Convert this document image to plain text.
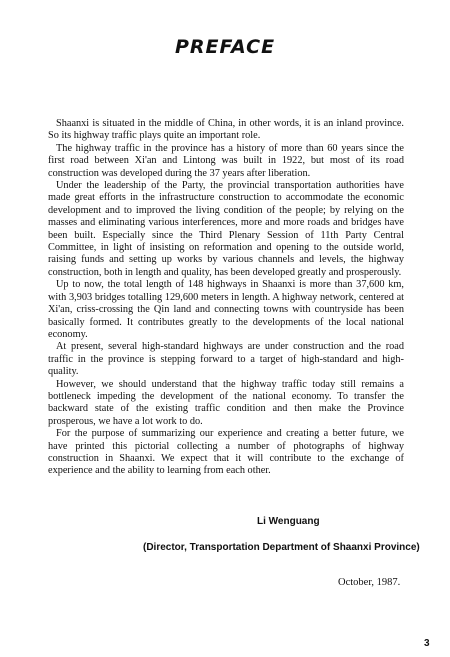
PREFACE

Shaanxi is situated in the middle of China, in other words, it is an inland province. So its highway traffic plays quite an important role.

The highway traffic in the province has a history of more than 60 years since the first road between Xi'an and Lintong was built in 1922, but most of its road construction was developed during the 37 years after liberation.

Under the leadership of the Party, the provincial transportation authorities have made great efforts in the infrastructure construction to accommodate the economic development and to improved the living condition of the people; by relying on the masses and eliminating various interferences, more and more roads and bridges have been built. Especially since the Third Plenary Session of 11th Party Central Committee, in light of insisting on reformation and opening to the outside world, raising funds and setting up works by various channels and levels, the highway construction, both in length and quality, has been developed greatly and prosperously.

Up to now, the total length of 148 highways in Shaanxi is more than 37,600 km, with 3,903 bridges totalling 129,600 meters in length. A highway network, centered at Xi'an, criss-crossing the Qin land and connecting towns with countryside has been basically formed. It contributes greatly to the developments of the local national economy.

At present, several high-standard highways are under construction and the road traffic in the province is stepping forward to a target of high-standard and high-quality.

However, we should understand that the highway traffic today still remains a bottleneck impeding the development of the national economy. To transfer the backward state of the existing traffic condition and then make the Province prosperous, we have a lot work to do.

For the purpose of summarizing our experience and creating a better future, we have printed this pictorial collecting a number of photographs of highway construction in Shaanxi. We expect that it will contribute to the exchange of experience and the ability to learning from each other.

Li Wenguang

(Director, Transportation Department of Shaanxi Province)

October, 1987.

3
